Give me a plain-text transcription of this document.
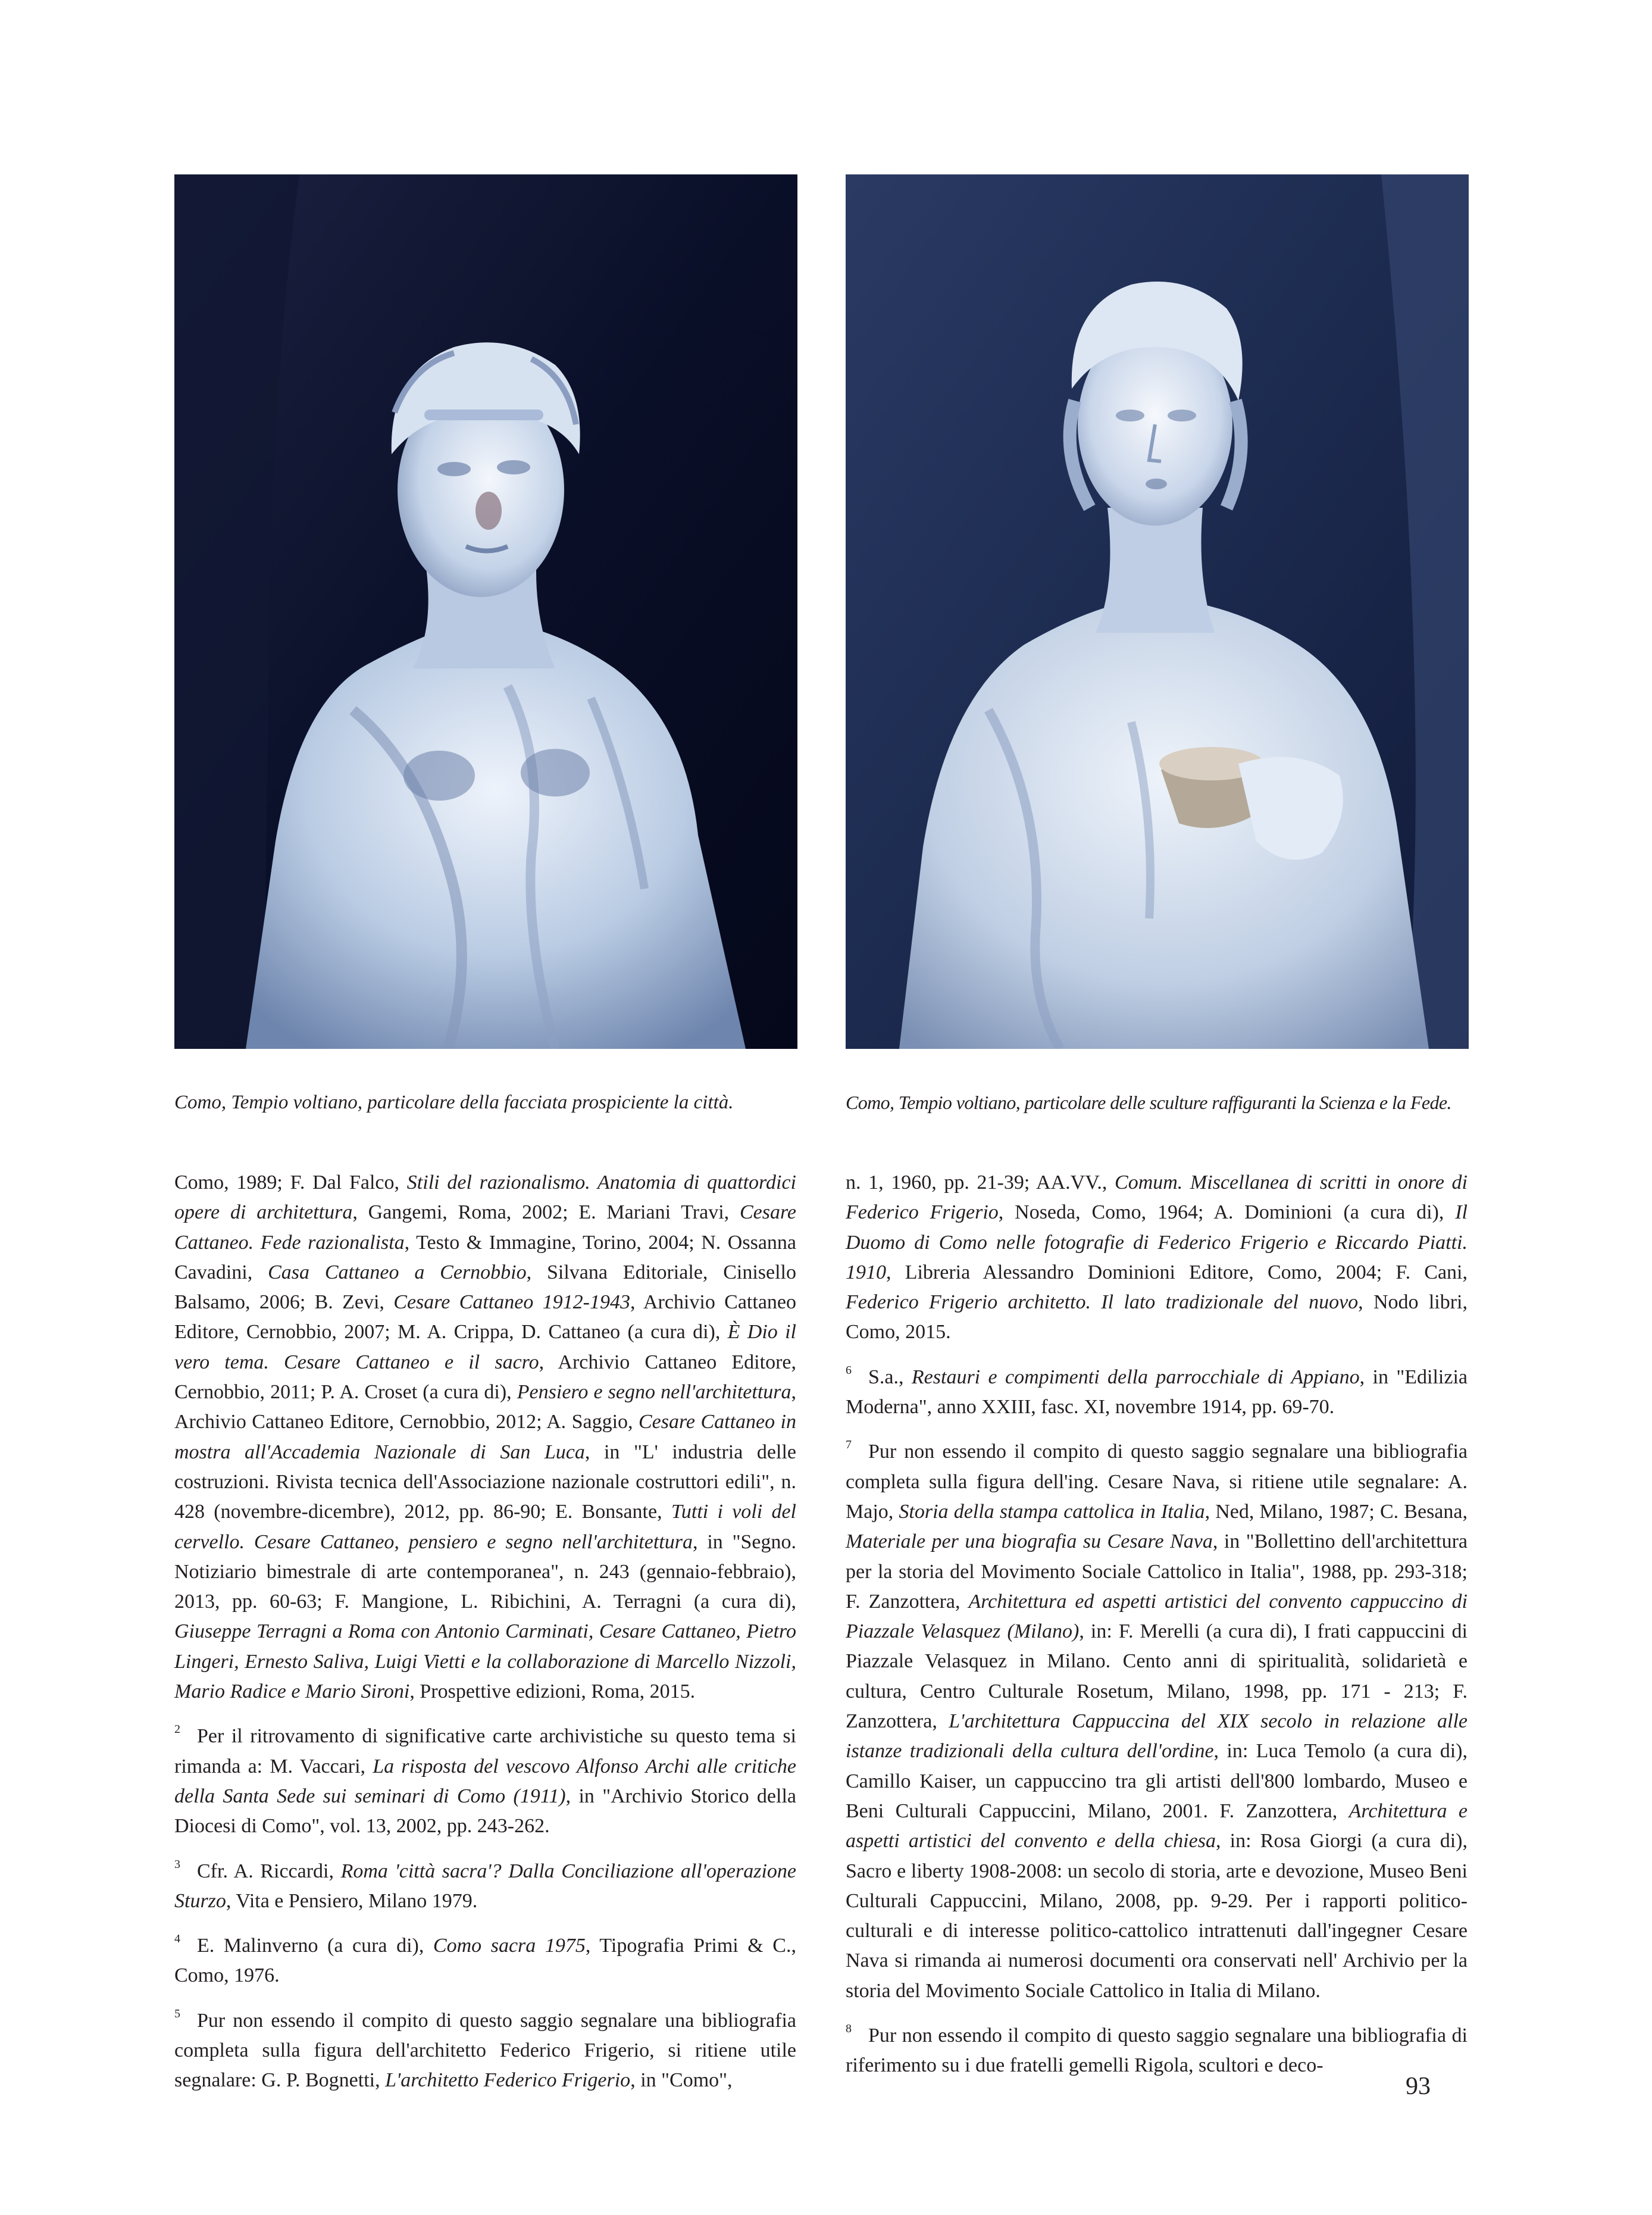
Como, Tempio voltiano, particolare della facciata prospiciente la città.	Como, Tempio voltiano, particolare delle sculture raffiguranti la Scienza e la Fede.

Como, 1989; F. Dal Falco, Stili del razionalismo. Anatomia di quattordici opere di architettura, Gangemi, Roma, 2002; E. Mariani Travi, Cesare Cattaneo. Fede razionalista, Testo & Immagine, Torino, 2004; N. Ossanna Cavadini, Casa Cattaneo a Cernobbio, Silvana Editoriale, Cinisello Balsamo, 2006; B. Zevi, Cesare Cattaneo 1912-1943, Archivio Cattaneo Editore, Cernobbio, 2007; M. A. Crippa, D. Cattaneo (a cura di), È Dio il vero tema. Cesare Cattaneo e il sacro, Archivio Cattaneo Editore, Cernobbio, 2011; P. A. Croset (a cura di), Pensiero e segno nell'architettura, Archivio Cattaneo Editore, Cernobbio, 2012; A. Saggio, Cesare Cattaneo in mostra all'Accademia Nazionale di San Luca, in "L' industria delle costruzioni. Rivista tecnica dell'Associazione nazionale costruttori edili", n. 428 (novembre-dicembre), 2012, pp. 86-90; E. Bonsante, Tutti i voli del cervello. Cesare Cattaneo, pensiero e segno nell'architettura, in "Segno. Notiziario bimestrale di arte contemporanea", n. 243 (gennaio-febbraio), 2013, pp. 60-63; F. Mangione, L. Ribichini, A. Terragni (a cura di), Giuseppe Terragni a Roma con Antonio Carminati, Cesare Cattaneo, Pietro Lingeri, Ernesto Saliva, Luigi Vietti e la collaborazione di Marcello Nizzoli, Mario Radice e Mario Sironi, Prospettive edizioni, Roma, 2015.

$^2$ Per il ritrovamento di significative carte archivistiche su questo tema si rimanda a: M. Vaccari, La risposta del vescovo Alfonso Archi alle critiche della Santa Sede sui seminari di Como (1911), in "Archivio Storico della Diocesi di Como", vol. 13, 2002, pp. 243-262.

$^3$ Cfr. A. Riccardi, Roma 'città sacra'? Dalla Conciliazione all'operazione Sturzo, Vita e Pensiero, Milano 1979.

$^4$ E. Malinverno (a cura di), Como sacra 1975, Tipografia Primi & C., Como, 1976.

$^5$ Pur non essendo il compito di questo saggio segnalare una bibliografia completa sulla figura dell'architetto Federico Frigerio, si ritiene utile segnalare: G. P. Bognetti, L'architetto Federico Frigerio, in "Como",

n. 1, 1960, pp. 21-39; AA.VV., Comum. Miscellanea di scritti in onore di Federico Frigerio, Noseda, Como, 1964; A. Dominioni (a cura di), Il Duomo di Como nelle fotografie di Federico Frigerio e Riccardo Piatti. 1910, Libreria Alessandro Dominioni Editore, Como, 2004; F. Cani, Federico Frigerio architetto. Il lato tradizionale del nuovo, Nodo libri, Como, 2015.

$^6$ S.a., Restauri e compimenti della parrocchiale di Appiano, in "Edilizia Moderna", anno XXIII, fasc. XI, novembre 1914, pp. 69-70.

$^7$ Pur non essendo il compito di questo saggio segnalare una bibliografia completa sulla figura dell'ing. Cesare Nava, si ritiene utile segnalare: A. Majo, Storia della stampa cattolica in Italia, Ned, Milano, 1987; C. Besana, Materiale per una biografia su Cesare Nava, in "Bollettino dell'architettura per la storia del Movimento Sociale Cattolico in Italia", 1988, pp. 293-318; F. Zanzottera, Architettura ed aspetti artistici del convento cappuccino di Piazzale Velasquez (Milano), in: F. Merelli (a cura di), I frati cappuccini di Piazzale Velasquez in Milano. Cento anni di spiritualità, solidarietà e cultura, Centro Culturale Rosetum, Milano, 1998, pp. 171 - 213; F. Zanzottera, L'architettura Cappuccina del XIX secolo in relazione alle istanze tradizionali della cultura dell'ordine, in: Luca Temolo (a cura di), Camillo Kaiser, un cappuccino tra gli artisti dell'800 lombardo, Museo e Beni Culturali Cappuccini, Milano, 2001. F. Zanzottera, Architettura e aspetti artistici del convento e della chiesa, in: Rosa Giorgi (a cura di), Sacro e liberty 1908-2008: un secolo di storia, arte e devozione, Museo Beni Culturali Cappuccini, Milano, 2008, pp. 9-29. Per i rapporti politico-culturali e di interesse politico-cattolico intrattenuti dall'ingegner Cesare Nava si rimanda ai numerosi documenti ora conservati nell' Archivio per la storia del Movimento Sociale Cattolico in Italia di Milano.

$^8$ Pur non essendo il compito di questo saggio segnalare una bibliografia di riferimento su i due fratelli gemelli Rigola, scultori e deco-

93
